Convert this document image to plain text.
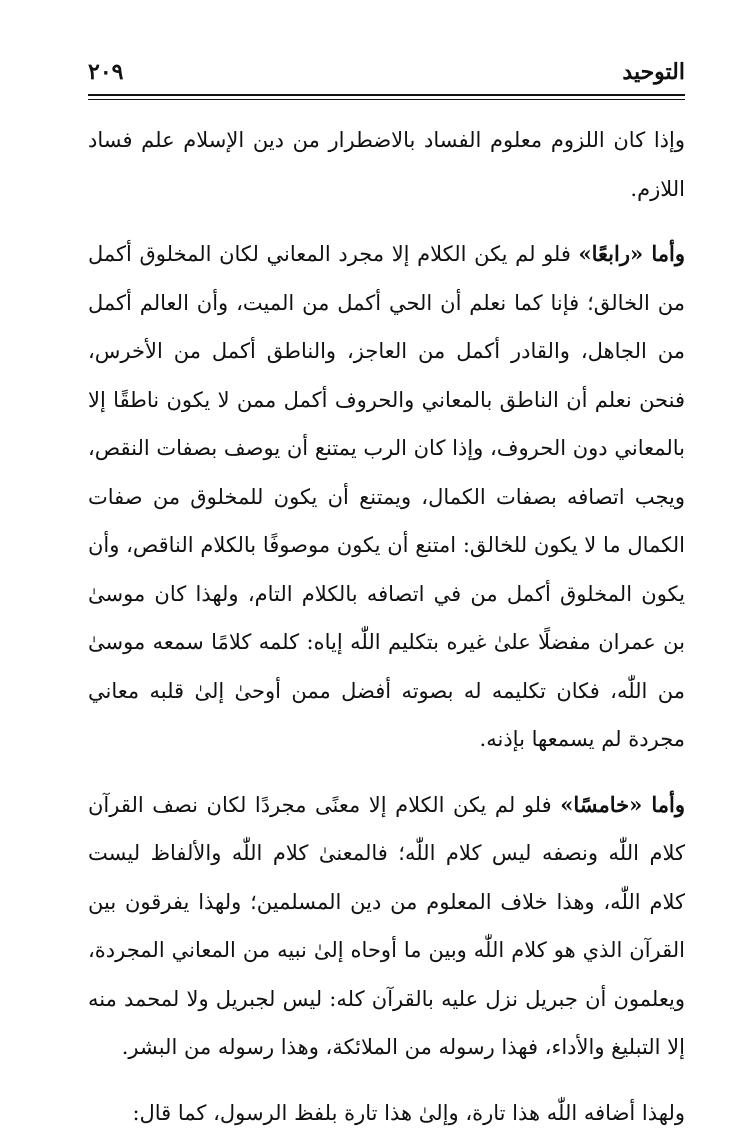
التوحيد
٢٠٩

وإذا كان اللزوم معلوم الفساد بالاضطرار من دين الإسلام علم فساد اللازم.

وأما «رابعًا» فلو لم يكن الكلام إلا مجرد المعاني لكان المخلوق أكمل من الخالق؛ فإنا كما نعلم أن الحي أكمل من الميت، وأن العالم أكمل من الجاهل، والقادر أكمل من العاجز، والناطق أكمل من الأخرس، فنحن نعلم أن الناطق بالمعاني والحروف أكمل ممن لا يكون ناطقًا إلا بالمعاني دون الحروف، وإذا كان الرب يمتنع أن يوصف بصفات النقص، ويجب اتصافه بصفات الكمال، ويمتنع أن يكون للمخلوق من صفات الكمال ما لا يكون للخالق: امتنع أن يكون موصوفًا بالكلام الناقص، وأن يكون المخلوق أكمل من في اتصافه بالكلام التام، ولهذا كان موسىٰ بن عمران مفضلًا علىٰ غيره بتكليم اللّٰه إياه: كلمه كلامًا سمعه موسىٰ من اللّٰه، فكان تكليمه له بصوته أفضل ممن أوحىٰ إلىٰ قلبه معاني مجردة لم يسمعها بإذنه.

وأما «خامسًا» فلو لم يكن الكلام إلا معنًى مجردًا لكان نصف القرآن كلام اللّٰه ونصفه ليس كلام اللّٰه؛ فالمعنىٰ كلام اللّٰه والألفاظ ليست كلام اللّٰه، وهذا خلاف المعلوم من دين المسلمين؛ ولهذا يفرقون بين القرآن الذي هو كلام اللّٰه وبين ما أوحاه إلىٰ نبيه من المعاني المجردة، ويعلمون أن جبريل نزل عليه بالقرآن كله: ليس لجبريل ولا لمحمد منه إلا التبليغ والأداء، فهذا رسوله من الملائكة، وهذا رسوله من البشر.

ولهذا أضافه اللّٰه هذا تارة، وإلىٰ هذا تارة بلفظ الرسول، كما قال:
